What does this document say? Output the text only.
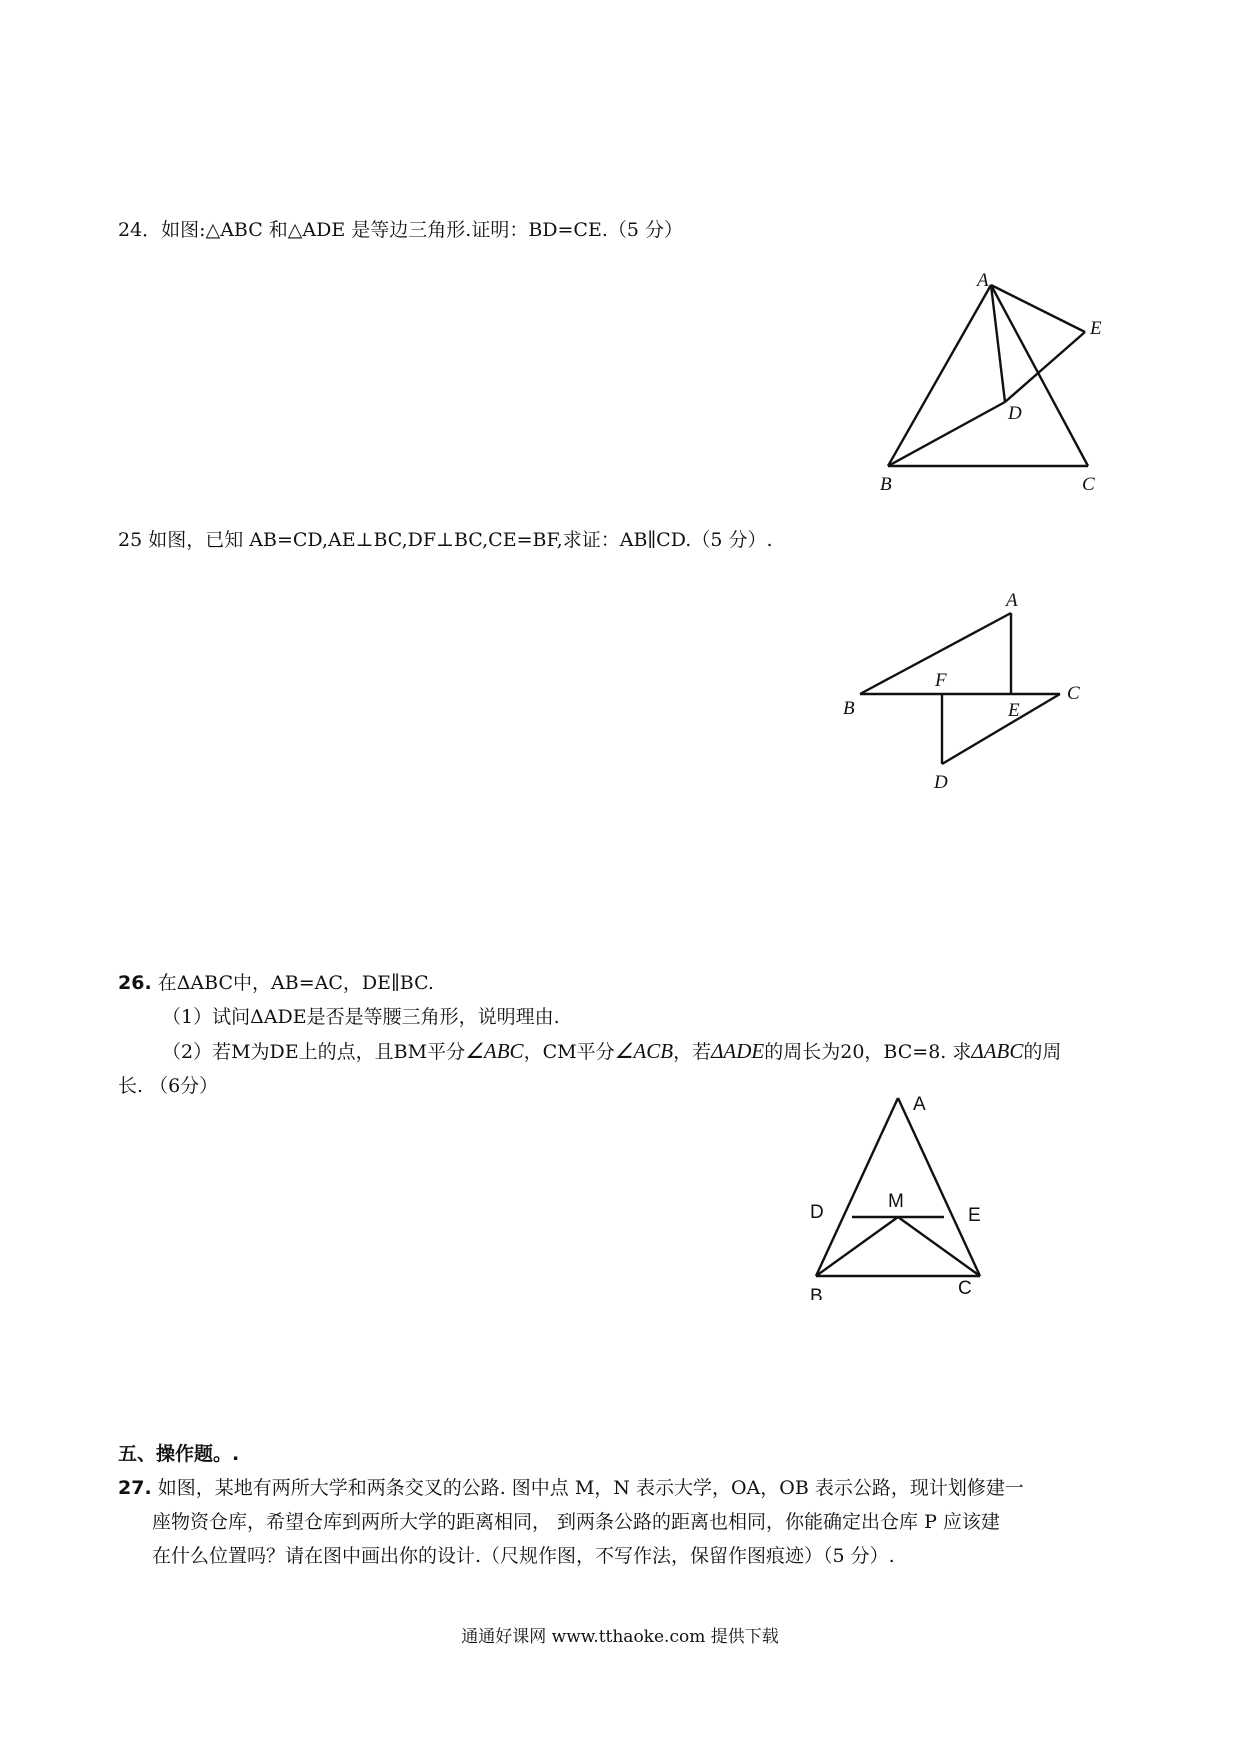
24．如图:△ABC 和△ADE 是等边三角形.证明：BD=CE.（5 分）
A
B	C
D
E
25 如图，已知 AB=CD,AE⊥BC,DF⊥BC,CE=BF,求证：AB∥CD.（5 分）.
A
B
C
D
E
F
26. 在ΔABC中，AB=AC，DE∥BC.
（1）试问ΔADE是否是等腰三角形，说明理由.
（2）若M为DE上的点，且BM平分∠ABC，CM平分∠ACB，若ΔADE的周长为20，BC=8. 求ΔABC的周
长. （6分）
A
B	C
D	E
M
五、操作题。.
27. 如图，某地有两所大学和两条交叉的公路. 图中点 M，N 表示大学，OA，OB 表示公路，现计划修建一
座物资仓库，希望仓库到两所大学的距离相同， 到两条公路的距离也相同，你能确定出仓库 P 应该建
在什么位置吗？请在图中画出你的设计.（尺规作图，不写作法，保留作图痕迹）（5 分）.
通通好课网 www.tthaoke.com 提供下载
